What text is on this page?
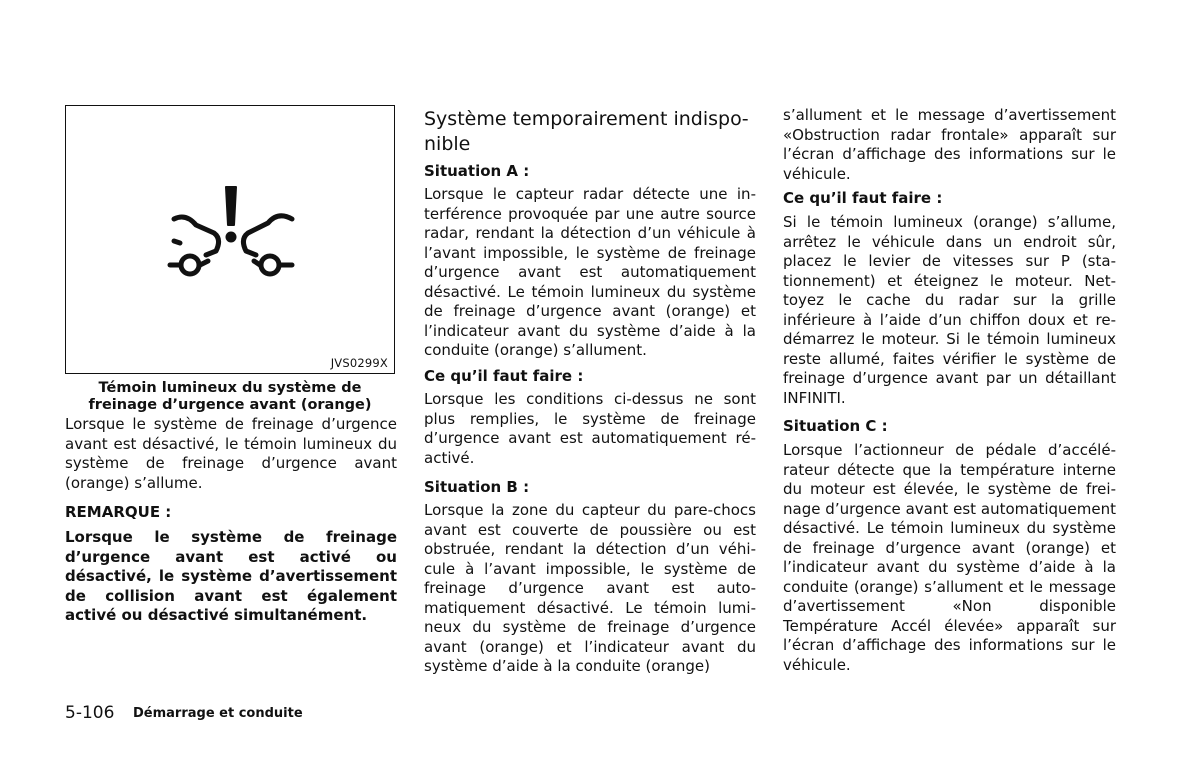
JVS0299X

Témoin lumineux du système de freinage d’urgence avant (orange)

Lorsque le système de freinage d’urgence avant est désactivé, le témoin lumineux du système de freinage d’urgence avant (orange) s’allume.

REMARQUE :

Lorsque le système de freinage d’urgence avant est activé ou désactivé, le système d’avertissement de collision avant est également activé ou désactivé simultanément.

Système temporairement indisponible

Situation A :

Lorsque le capteur radar détecte une interférence provoquée par une autre source radar, rendant la détection d’un véhicule à l’avant impossible, le système de freinage d’urgence avant est automatiquement désactivé. Le témoin lumineux du système de freinage d’urgence avant (orange) et l’indicateur avant du système d’aide à la conduite (orange) s’allument.

Ce qu’il faut faire :

Lorsque les conditions ci-dessus ne sont plus remplies, le système de freinage d’urgence avant est automatiquement réactivé.

Situation B :

Lorsque la zone du capteur du pare-chocs avant est couverte de poussière ou est obstruée, rendant la détection d’un véhicule à l’avant impossible, le système de freinage d’urgence avant est automatiquement désactivé. Le témoin lumineux du système de freinage d’urgence avant (orange) et l’indicateur avant du système d’aide à la conduite (orange)

s’allument et le message d’avertissement «Obstruction radar frontale» apparaît sur l’écran d’affichage des informations sur le véhicule.

Ce qu’il faut faire :

Si le témoin lumineux (orange) s’allume, arrêtez le véhicule dans un endroit sûr, placez le levier de vitesses sur P (stationnement) et éteignez le moteur. Nettoyez le cache du radar sur la grille inférieure à l’aide d’un chiffon doux et redémarrez le moteur. Si le témoin lumineux reste allumé, faites vérifier le système de freinage d’urgence avant par un détaillant INFINITI.

Situation C :

Lorsque l’actionneur de pédale d’accélérateur détecte que la température interne du moteur est élevée, le système de freinage d’urgence avant est automatiquement désactivé. Le témoin lumineux du système de freinage d’urgence avant (orange) et l’indicateur avant du système d’aide à la conduite (orange) s’allument et le message d’avertissement «Non disponible Température Accél élevée» apparaît sur l’écran d’affichage des informations sur le véhicule.

5-106 Démarrage et conduite
